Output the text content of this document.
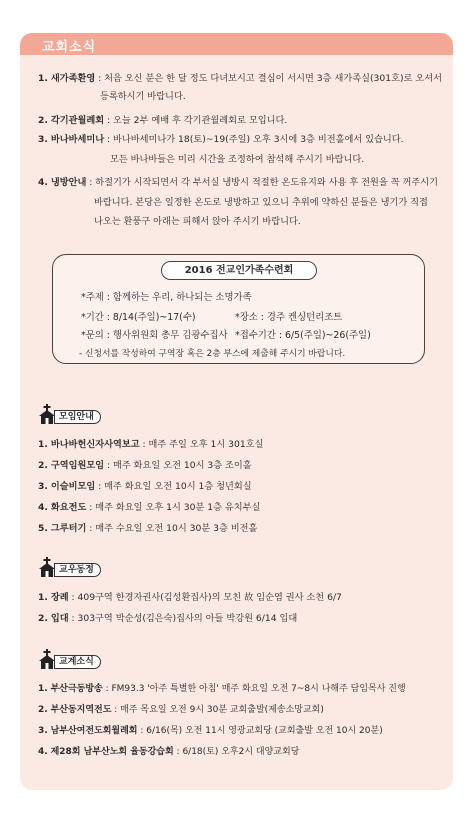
교회소식
1. 새가족환영 : 처음 오신 분은 한 달 정도 다녀보시고 결심이 서시면 3층 새가족실(301호)로 오셔서
등록하시기 바랍니다.
2. 각기관월례회 : 오늘 2부 예배 후 각기관월례회로 모입니다.
3. 바나바세미나 : 바나바세미나가 18(토)~19(주일) 오후 3시에 3층 비전홀에서 있습니다.
모든 바나바들은 미리 시간을 조정하여 참석해 주시기 바랍니다.
4. 냉방안내 : 하절기가 시작되면서 각 부서실 냉방시 적절한 온도유지와 사용 후 전원을 꼭 꺼주시기
바랍니다. 본당은 일정한 온도로 냉방하고 있으니 추위에 약하신 분들은 냉기가 직접
나오는 환풍구 아래는 피해서 앉아 주시기 바랍니다.
2016 전교인가족수련회
*주제 : 함께하는 우리, 하나되는 소명가족
*기간 : 8/14(주일)~17(수)	*장소 : 경주 켄싱턴리조트
*문의 : 행사위원회 총무 김광수집사 *접수기간 : 6/5(주일)~26(주일)
- 신청서를 작성하여 구역장 혹은 2층 부스에 제출해 주시기 바랍니다.
모임안내
1. 바나바헌신자사역보고 : 매주 주일 오후 1시 301호실
2. 구역임원모임 : 매주 화요일 오전 10시 3층 조이홀
3. 이슬비모임 : 매주 화요일 오전 10시 1층 청년회실
4. 화요전도 : 매주 화요일 오후 1시 30분 1층 유치부실
5. 그루터기 : 매주 수요일 오전 10시 30분 3층 비전홀
교우동정
1. 장례 : 409구역 한경자권사(김성환집사)의 모친 故 임순염 권사 소천 6/7
2. 입대 : 303구역 박순성(김은숙)집사의 아들 박강원 6/14 입대
교계소식
1. 부산극동방송 : FM93.3 '아주 특별한 아침' 매주 화요일 오전 7~8시 나해주 담임목사 진행
2. 부산동지역전도 : 매주 목요일 오전 9시 30분 교회출발(제송소망교회)
3. 남부산여전도회월례회 : 6/16(목) 오전 11시 영광교회당 (교회출발 오전 10시 20분)
4. 제28회 남부산노회 율동강습회 : 6/18(토) 오후2시 대양교회당
